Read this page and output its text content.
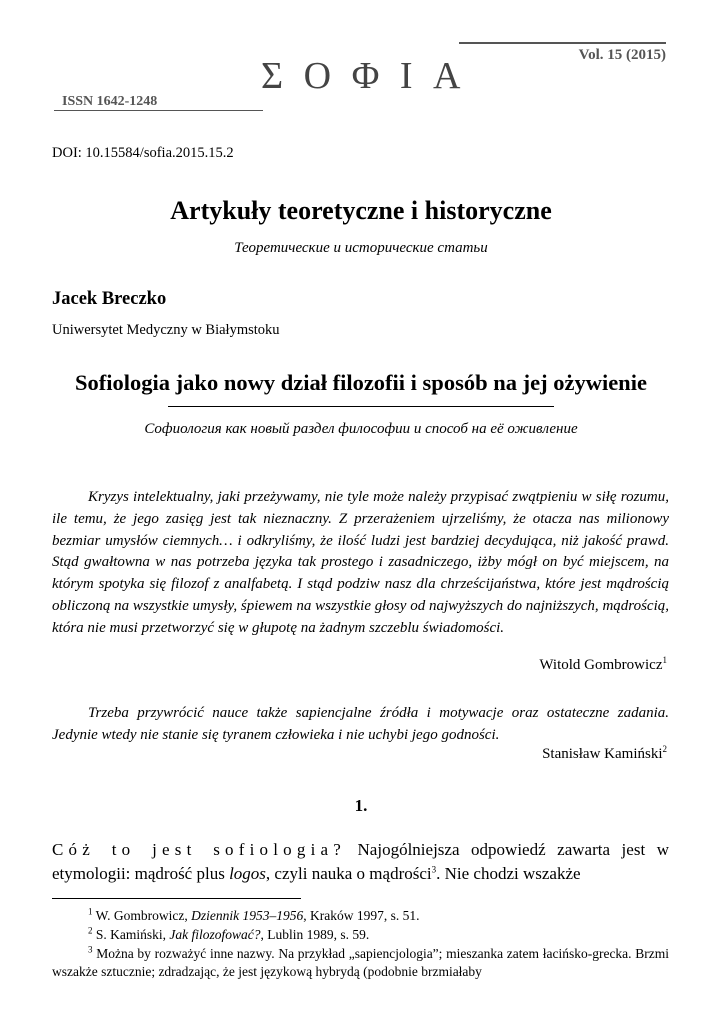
Vol. 15 (2015)
Σ Ο Φ Ι Α
ISSN 1642-1248
DOI: 10.15584/sofia.2015.15.2
Artykuły teoretyczne i historyczne
Теоретические и исторические статьи
Jacek Breczko
Uniwersytet Medyczny w Białymstoku
Sofiologia jako nowy dział filozofii i sposób na jej ożywienie
Софиология как новый раздел философии и способ на её оживление

Kryzys intelektualny, jaki przeżywamy, nie tyle może należy przypisać zwątpieniu w siłę rozumu, ile temu, że jego zasięg jest tak nieznaczny. Z przerażeniem ujrzeliśmy, że otacza nas milionowy bezmiar umysłów ciemnych… i odkryliśmy, że ilość ludzi jest bardziej decydująca, niż jakość prawd. Stąd gwałtowna w nas potrzeba języka tak prostego i zasadniczego, iżby mógł on być miejscem, na którym spotyka się filozof z analfabetą. I stąd podziw nasz dla chrześcijaństwa, które jest mądrością obliczoną na wszystkie umysły, śpiewem na wszystkie głosy od najwyższych do najniższych, mądrością, która nie musi przetworzyć się w głupotę na żadnym szczeblu świadomości.

Witold Gombrowicz$^1$

Trzeba przywrócić nauce także sapiencjalne źródła i motywacje oraz ostateczne zadania. Jedynie wtedy nie stanie się tyranem człowieka i nie uchybi jego godności.

Stanisław Kamiński$^2$
1.
Cóż to jest sofiologia? Najogólniejsza odpowiedź zawarta jest w etymologii: mądrość plus logos, czyli nauka o mądrości$^3$. Nie chodzi wszakże
$^1$ W. Gombrowicz, Dziennik 1953–1956, Kraków 1997, s. 51.
$^2$ S. Kamiński, Jak filozofować?, Lublin 1989, s. 59.
$^3$ Można by rozważyć inne nazwy. Na przykład „sapiencjologia”; mieszanka zatem łacińsko-grecka. Brzmi wszakże sztucznie; zdradzając, że jest językową hybrydą (podobnie brzmiałaby
